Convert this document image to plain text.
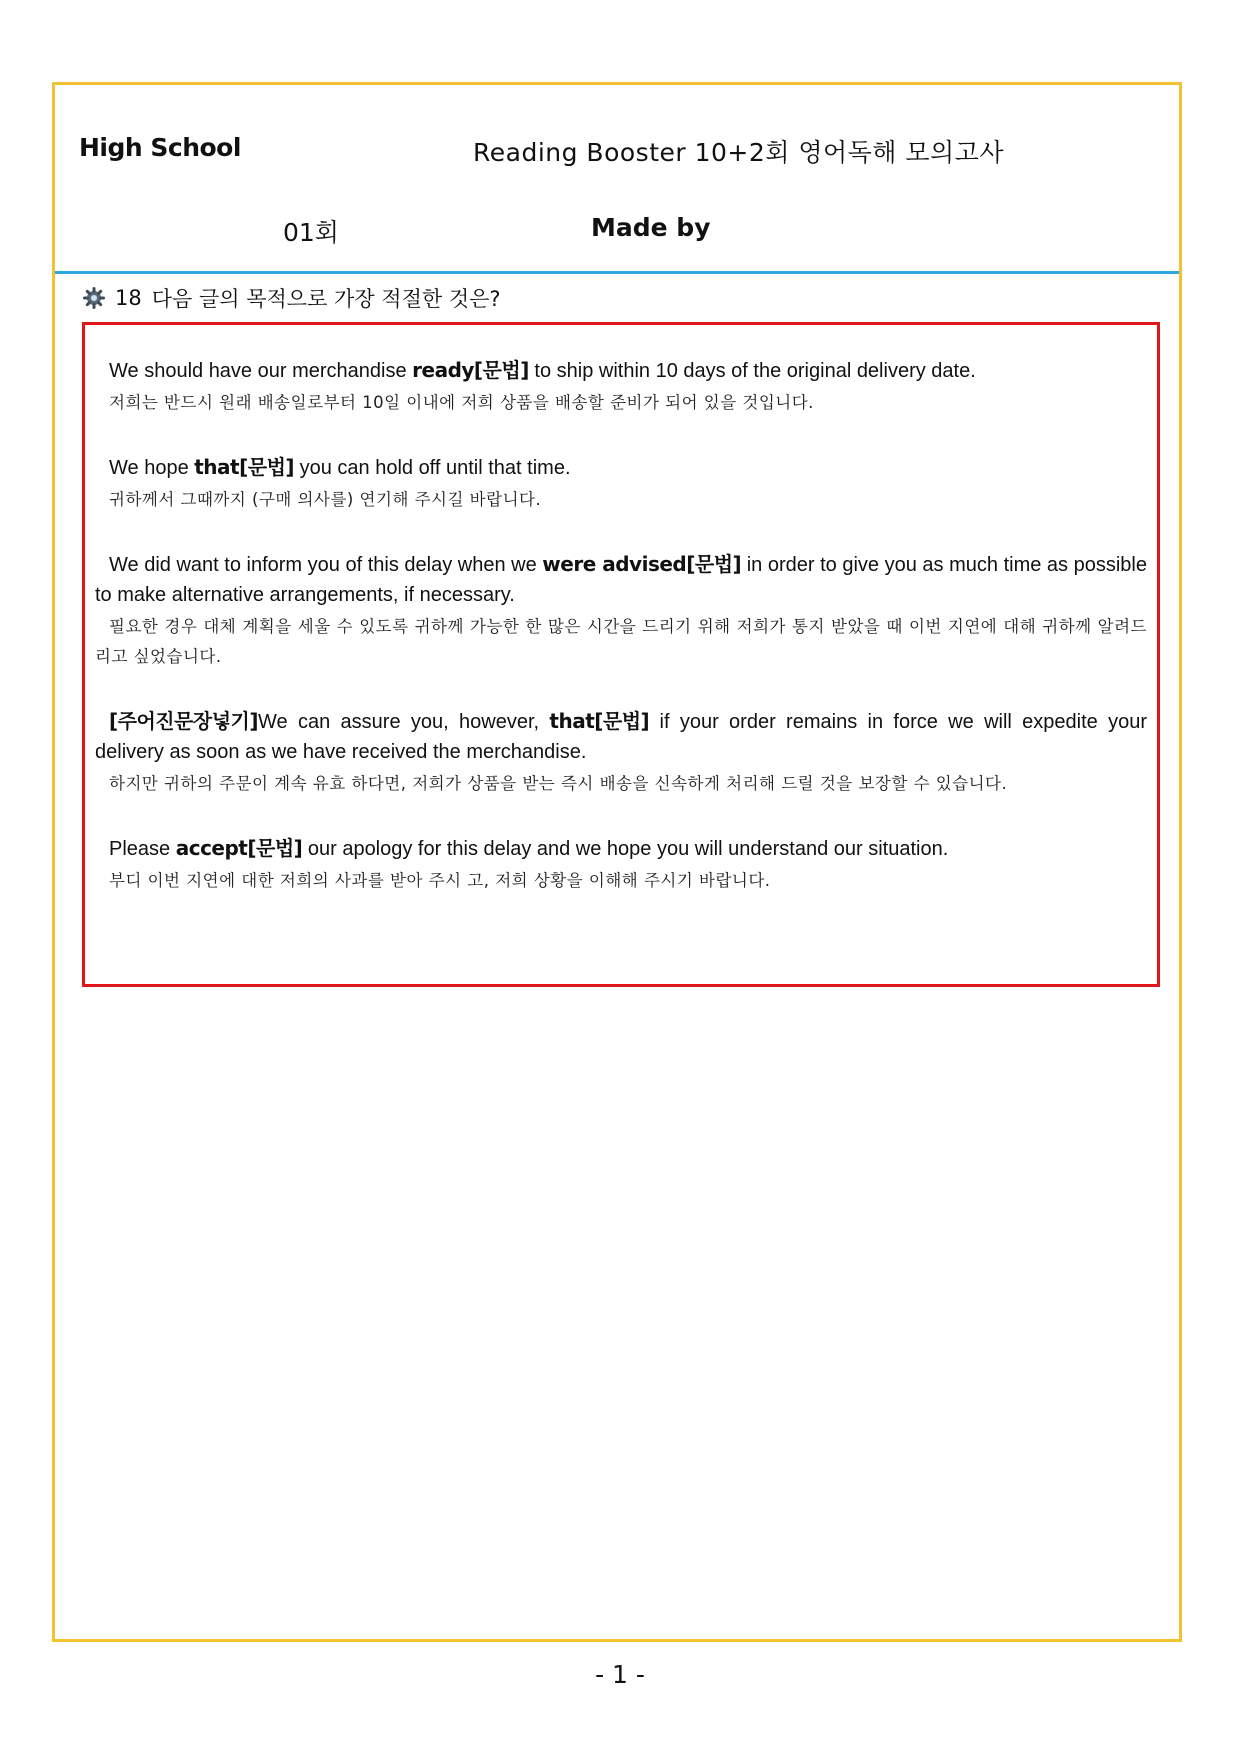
High School	Reading Booster 10+2회 영어독해 모의고사
01회	Made by
18 다음 글의 목적으로 가장 적절한 것은?

We should have our merchandise ready[문법] to ship within 10 days of the original delivery date.

저희는 반드시 원래 배송일로부터 10일 이내에 저희 상품을 배송할 준비가 되어 있을 것입니다.

We hope that[문법] you can hold off until that time.

귀하께서 그때까지 (구매 의사를) 연기해 주시길 바랍니다.

We did want to inform you of this delay when we were advised[문법] in order to give you as much time as possible to make alternative arrangements, if necessary.

필요한 경우 대체 계획을 세울 수 있도록 귀하께 가능한 한 많은 시간을 드리기 위해 저희가 통지 받았을 때 이번 지연에 대해 귀하께 알려드리고 싶었습니다.

[주어진문장넣기]We can assure you, however, that[문법] if your order remains in force we will expedite your delivery as soon as we have received the merchandise.

하지만 귀하의 주문이 계속 유효 하다면, 저희가 상품을 받는 즉시 배송을 신속하게 처리해 드릴 것을 보장할 수 있습니다.

Please accept[문법] our apology for this delay and we hope you will understand our situation.

부디 이번 지연에 대한 저희의 사과를 받아 주시 고, 저희 상황을 이해해 주시기 바랍니다.

- 1 -
